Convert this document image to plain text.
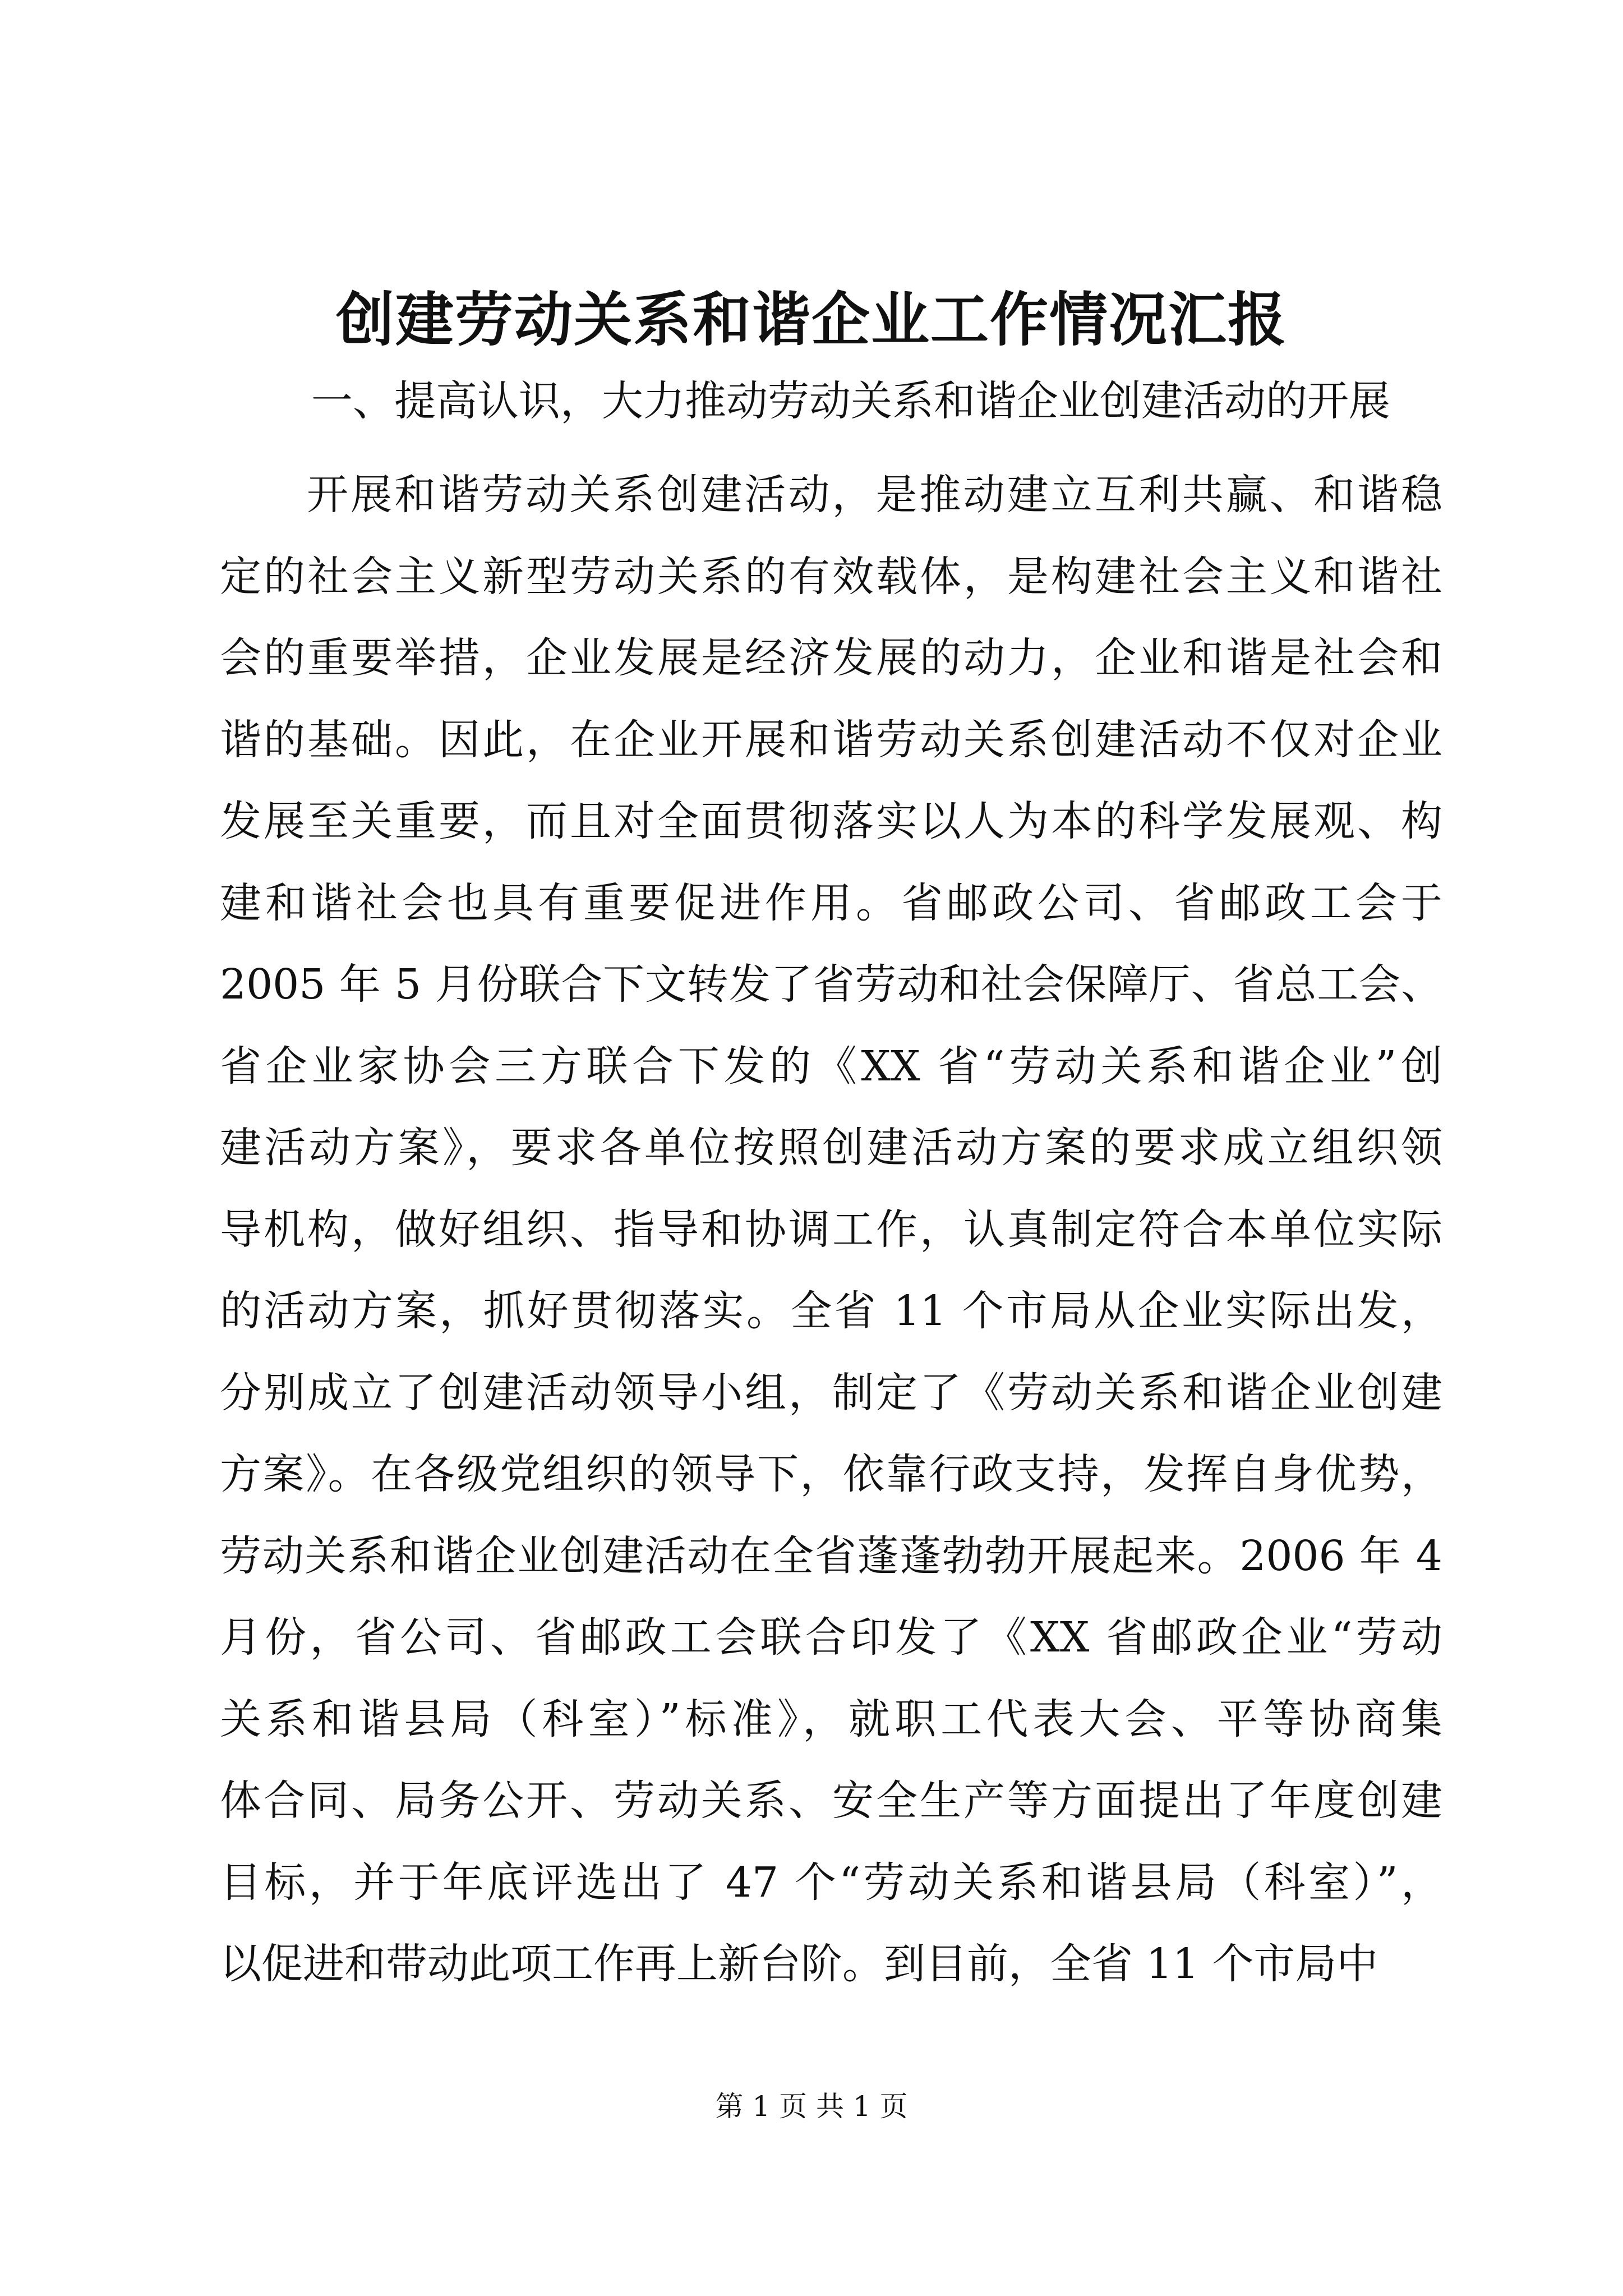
创建劳动关系和谐企业工作情况汇报

一、提高认识，大力推动劳动关系和谐企业创建活动的开展

开展和谐劳动关系创建活动，是推动建立互利共赢、和谐稳
定的社会主义新型劳动关系的有效载体，是构建社会主义和谐社
会的重要举措，企业发展是经济发展的动力，企业和谐是社会和
谐的基础。因此，在企业开展和谐劳动关系创建活动不仅对企业
发展至关重要，而且对全面贯彻落实以人为本的科学发展观、构
建和谐社会也具有重要促进作用。省邮政公司、省邮政工会于
2005 年 5 月份联合下文转发了省劳动和社会保障厅、省总工会、
省企业家协会三方联合下发的《XX 省“劳动关系和谐企业”创
建活动方案》，要求各单位按照创建活动方案的要求成立组织领
导机构，做好组织、指导和协调工作，认真制定符合本单位实际
的活动方案，抓好贯彻落实。全省 11 个市局从企业实际出发，
分别成立了创建活动领导小组，制定了《劳动关系和谐企业创建
方案》。在各级党组织的领导下，依靠行政支持，发挥自身优势，
劳动关系和谐企业创建活动在全省蓬蓬勃勃开展起来。2006 年 4
月份，省公司、省邮政工会联合印发了《XX 省邮政企业“劳动
关系和谐县局（科室）”标准》，就职工代表大会、平等协商集
体合同、局务公开、劳动关系、安全生产等方面提出了年度创建
目标，并于年底评选出了 47 个“劳动关系和谐县局（科室）”，
以促进和带动此项工作再上新台阶。到目前，全省 11 个市局中

第 1 页 共 1 页
